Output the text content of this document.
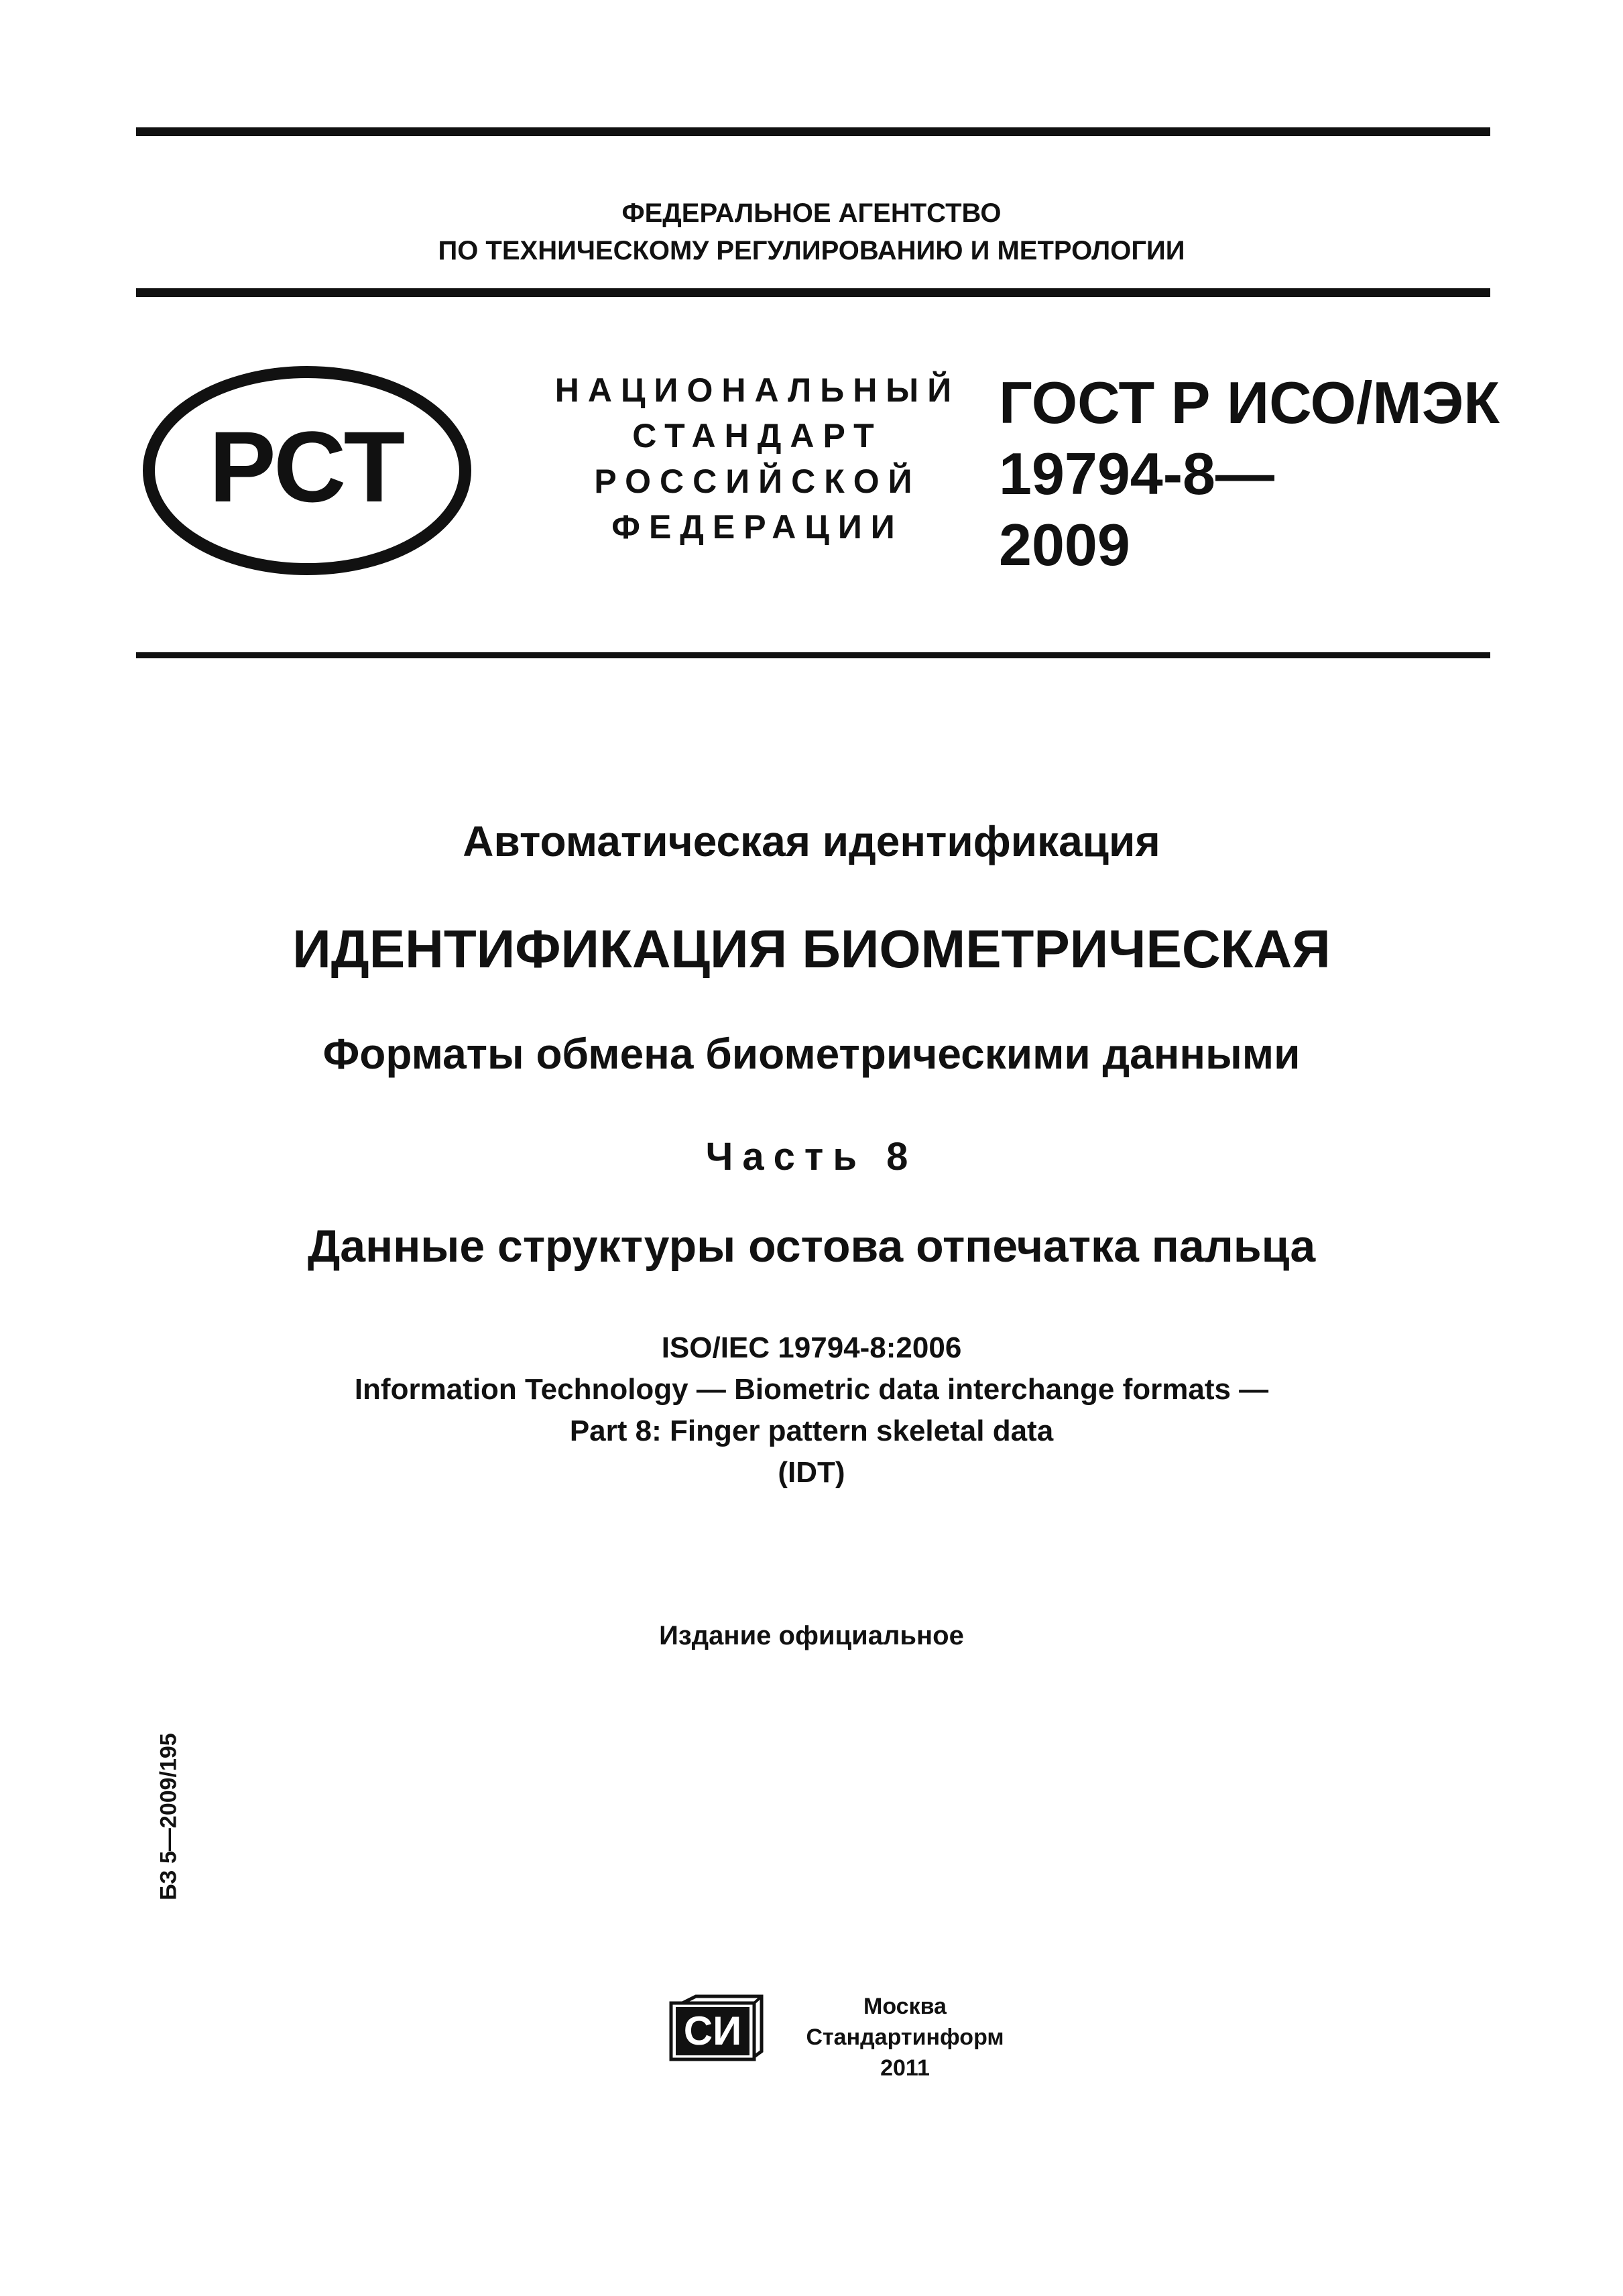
ФЕДЕРАЛЬНОЕ АГЕНТСТВО
ПО ТЕХНИЧЕСКОМУ РЕГУЛИРОВАНИЮ И МЕТРОЛОГИИ
РСТ
НАЦИОНАЛЬНЫЙ
СТАНДАРТ
РОССИЙСКОЙ
ФЕДЕРАЦИИ
ГОСТ Р ИСО/МЭК
19794-8—
2009
Автоматическая идентификация
ИДЕНТИФИКАЦИЯ БИОМЕТРИЧЕСКАЯ
Форматы обмена биометрическими данными
Часть 8
Данные структуры остова отпечатка пальца
ISO/IEC 19794-8:2006
Information Technology — Biometric data interchange formats —
Part 8: Finger pattern skeletal data
(IDT)
Издание официальное
БЗ 5—2009/195
СИ
Москва
Стандартинформ
2011
